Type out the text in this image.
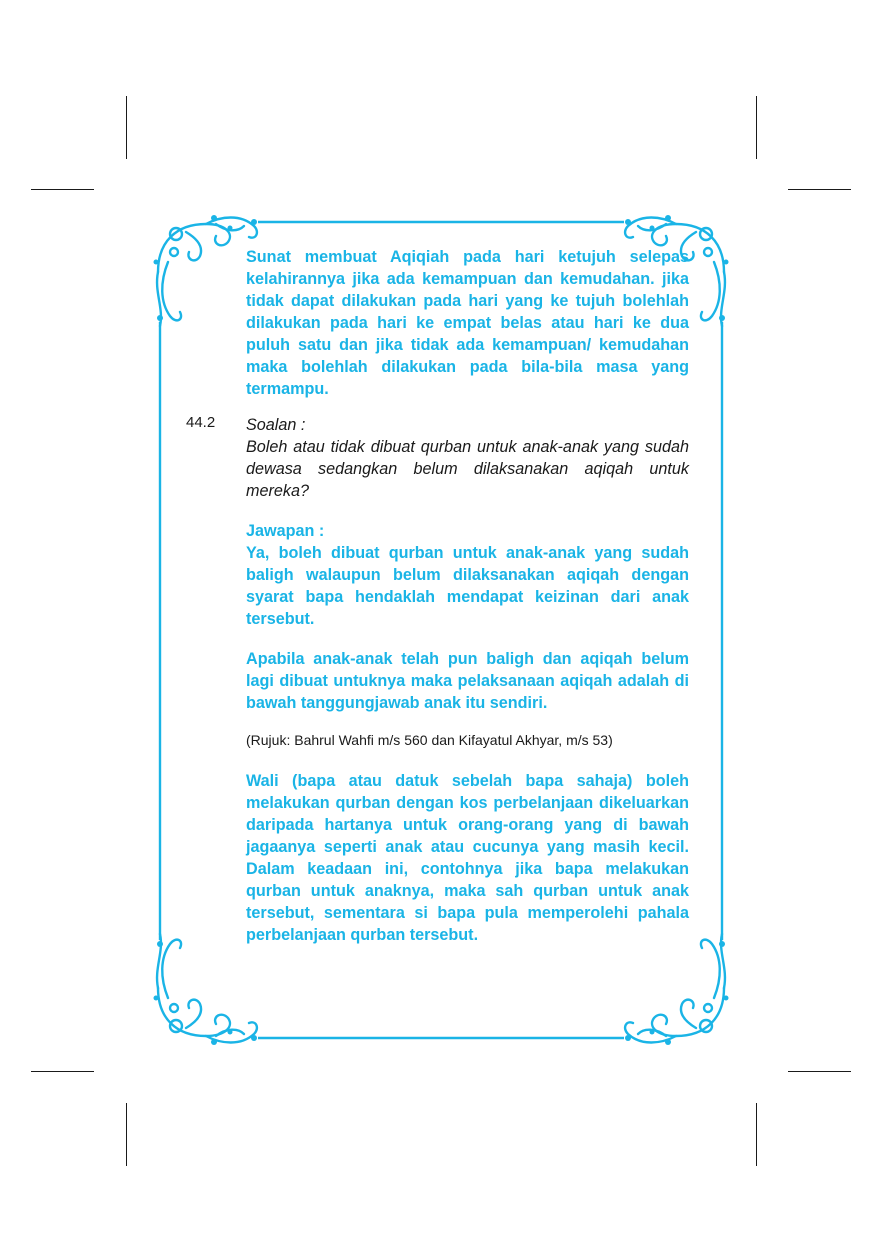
Sunat membuat Aqiqiah pada hari ketujuh selepas kelahirannya jika ada kemampuan dan kemudahan. jika tidak dapat dilakukan pada hari yang ke tujuh bolehlah dilakukan pada hari ke empat belas atau hari ke dua puluh satu dan jika tidak ada kemampuan/ kemudahan maka bolehlah dilakukan pada bila-bila masa yang termampu.
44.2 Soalan :
Boleh atau tidak dibuat qurban untuk anak-anak yang sudah dewasa sedangkan belum dilaksanakan aqiqah untuk mereka?
Jawapan :
Ya, boleh dibuat qurban untuk anak-anak yang sudah baligh walaupun belum dilaksanakan aqiqah dengan syarat bapa hendaklah mendapat keizinan dari anak tersebut.
Apabila anak-anak telah pun baligh dan aqiqah belum lagi dibuat untuknya maka pelaksanaan aqiqah adalah di bawah tanggungjawab anak itu sendiri.
(Rujuk: Bahrul Wahfi m/s 560 dan Kifayatul Akhyar, m/s 53)
Wali (bapa atau datuk sebelah bapa sahaja) boleh melakukan qurban dengan kos perbelanjaan dikeluarkan daripada hartanya untuk orang-orang yang di bawah jagaanya seperti anak atau cucunya yang masih kecil. Dalam keadaan ini, contohnya jika bapa melakukan qurban untuk anaknya, maka sah qurban untuk anak tersebut, sementara si bapa pula memperolehi pahala perbelanjaan qurban tersebut.
